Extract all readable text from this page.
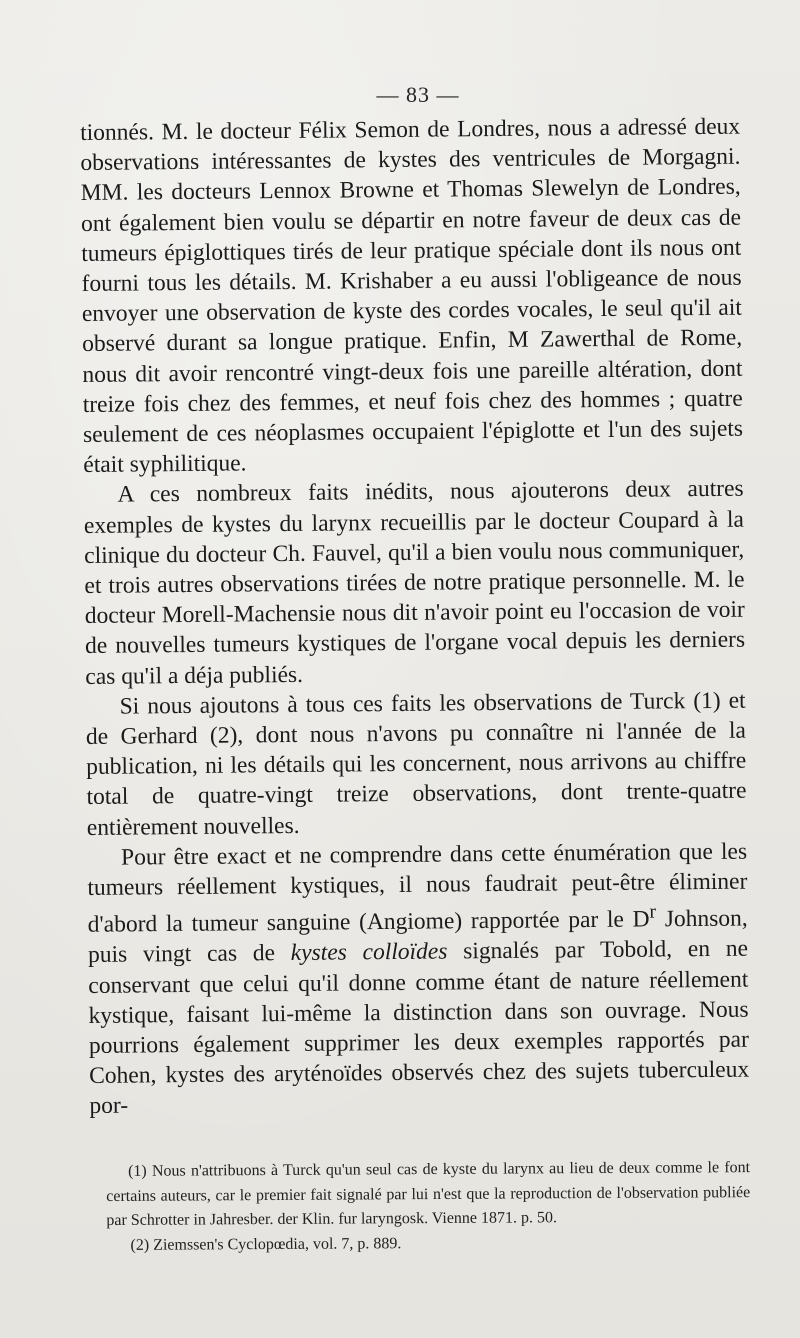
— 83 —

tionnés. M. le docteur Félix Semon de Londres, nous a adressé deux observations intéressantes de kystes des ventricules de Morgagni. MM. les docteurs Lennox Browne et Thomas Slewelyn de Londres, ont également bien voulu se départir en notre faveur de deux cas de tumeurs épiglottiques tirés de leur pratique spéciale dont ils nous ont fourni tous les détails. M. Krishaber a eu aussi l'obligeance de nous envoyer une observation de kyste des cordes vocales, le seul qu'il ait observé durant sa longue pratique. Enfin, M Zawerthal de Rome, nous dit avoir rencontré vingt-deux fois une pareille altération, dont treize fois chez des femmes, et neuf fois chez des hommes ; quatre seulement de ces néoplasmes occupaient l'épiglotte et l'un des sujets était syphilitique.

A ces nombreux faits inédits, nous ajouterons deux autres exemples de kystes du larynx recueillis par le docteur Coupard à la clinique du docteur Ch. Fauvel, qu'il a bien voulu nous communiquer, et trois autres observations tirées de notre pratique personnelle. M. le docteur Morell-Machensie nous dit n'avoir point eu l'occasion de voir de nouvelles tumeurs kystiques de l'organe vocal depuis les derniers cas qu'il a déja publiés.

Si nous ajoutons à tous ces faits les observations de Turck (1) et de Gerhard (2), dont nous n'avons pu connaître ni l'année de la publication, ni les détails qui les concernent, nous arrivons au chiffre total de quatre-vingt treize observations, dont trente-quatre entièrement nouvelles.

Pour être exact et ne comprendre dans cette énumération que les tumeurs réellement kystiques, il nous faudrait peut-être éliminer d'abord la tumeur sanguine (Angiome) rapportée par le $D^r$ Johnson, puis vingt cas de kystes colloïdes signalés par Tobold, en ne conservant que celui qu'il donne comme étant de nature réellement kystique, faisant lui-même la distinction dans son ouvrage. Nous pourrions également supprimer les deux exemples rapportés par Cohen, kystes des aryténoïdes observés chez des sujets tuberculeux por-

(1) Nous n'attribuons à Turck qu'un seul cas de kyste du larynx au lieu de deux comme le font certains auteurs, car le premier fait signalé par lui n'est que la reproduction de l'observation publiée par Schrotter in Jahresber. der Klin. fur laryngosk. Vienne 1871. p. 50.

(2) Ziemssen's Cyclopœdia, vol. 7, p. 889.
